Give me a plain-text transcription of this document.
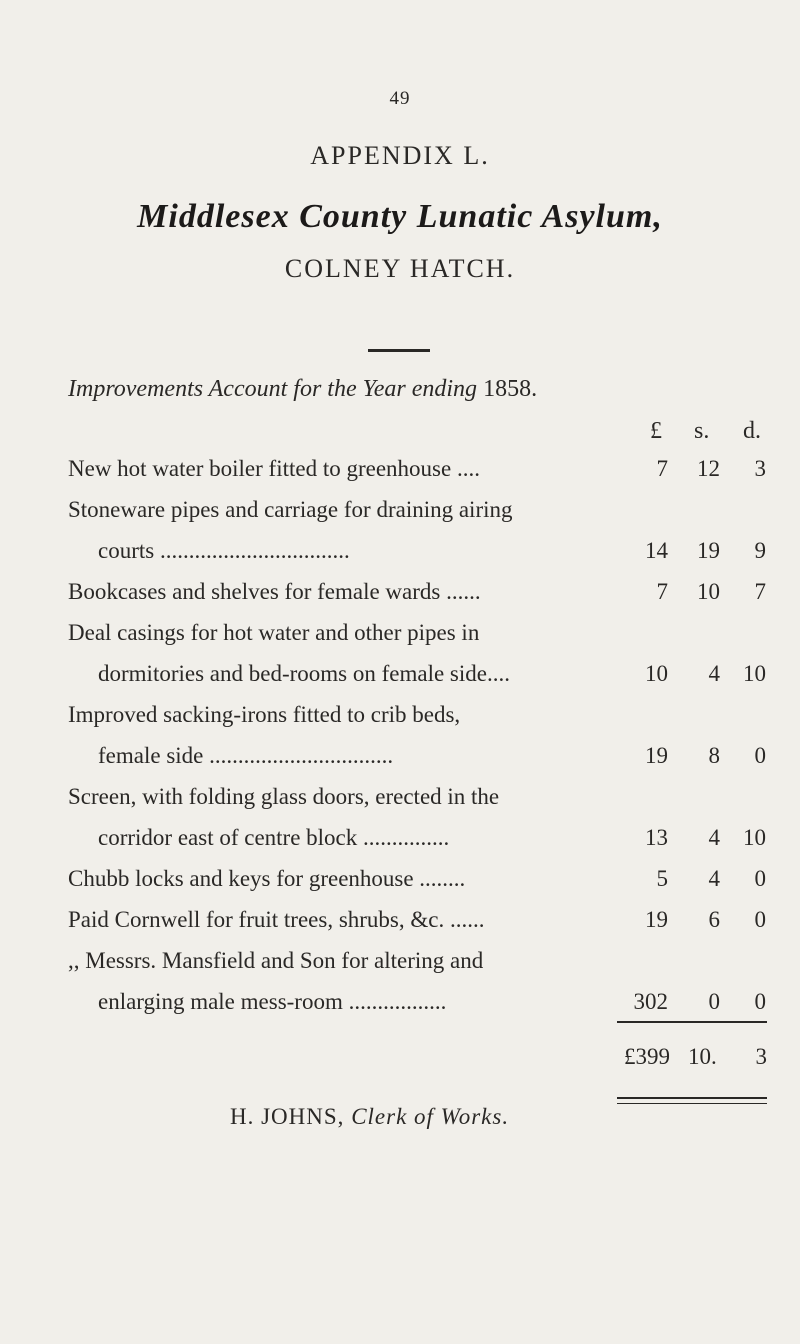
49
APPENDIX L.
Middlesex County Lunatic Asylum,
COLNEY HATCH.
Improvements Account for the Year ending 1858.
£ s. d.
New hot water boiler fitted to greenhouse ....	7	12	3
Stoneware pipes and carriage for draining airing
courts .................................	14	19	9
Bookcases and shelves for female wards ......	7	10	7
Deal casings for hot water and other pipes in
dormitories and bed-rooms on female side....	10	4	10
Improved sacking-irons fitted to crib beds,
female side ................................	19	8	0
Screen, with folding glass doors, erected in the
corridor east of centre block ...............	13	4	10
Chubb locks and keys for greenhouse ........	5	4	0
Paid Cornwell for fruit trees, shrubs, &c. ......	19	6	0
,, Messrs. Mansfield and Son for altering and
enlarging male mess-room .................	302	0	0
£399 10.	3
H. JOHNS, Clerk of Works.
